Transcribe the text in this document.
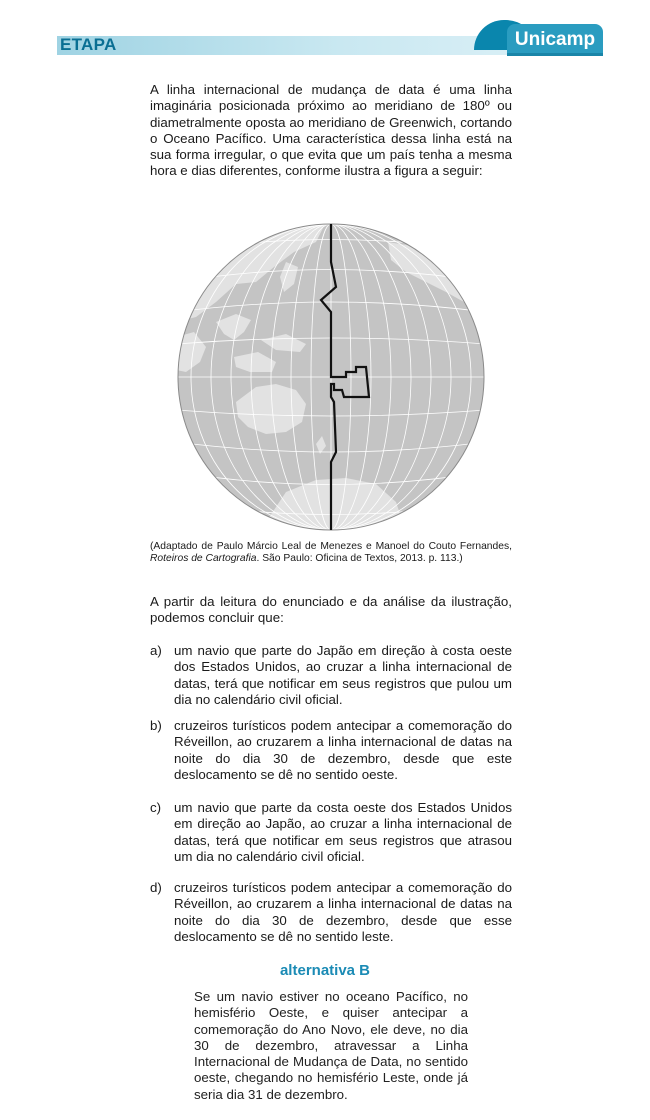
ETAPA	Unicamp

A linha internacional de mudança de data é uma linha imaginária posicionada próximo ao meridiano de 180º ou diametralmente oposta ao meridiano de Greenwich, cortando o Oceano Pacífico. Uma característica dessa linha está na sua forma irregular, o que evita que um país tenha a mesma hora e dias diferentes, conforme ilustra a figura a seguir:

(Adaptado de Paulo Márcio Leal de Menezes e Manoel do Couto Fernandes, Roteiros de Cartografia. São Paulo: Oficina de Textos, 2013. p. 113.)

A partir da leitura do enunciado e da análise da ilustração, podemos concluir que:

a) um navio que parte do Japão em direção à costa oeste dos Estados Unidos, ao cruzar a linha internacional de datas, terá que notificar em seus registros que pulou um dia no calendário civil oficial.

b) cruzeiros turísticos podem antecipar a comemoração do Réveillon, ao cruzarem a linha internacional de datas na noite do dia 30 de dezembro, desde que este deslocamento se dê no sentido oeste.

c) um navio que parte da costa oeste dos Estados Unidos em direção ao Japão, ao cruzar a linha internacional de datas, terá que notificar em seus registros que atrasou um dia no calendário civil oficial.

d) cruzeiros turísticos podem antecipar a comemoração do Réveillon, ao cruzarem a linha internacional de datas na noite do dia 30 de dezembro, desde que esse deslocamento se dê no sentido leste.

alternativa B

Se um navio estiver no oceano Pacífico, no hemisfério Oeste, e quiser antecipar a comemoração do Ano Novo, ele deve, no dia 30 de dezembro, atravessar a Linha Internacional de Mudança de Data, no sentido oeste, chegando no hemisfério Leste, onde já seria dia 31 de dezembro.
